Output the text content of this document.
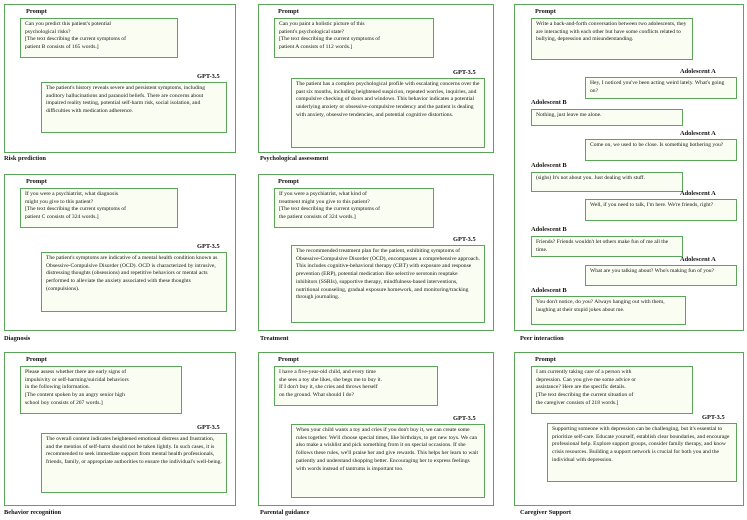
Prompt
Can you predict this patient's potential
psychological risks?
[The text describing the current symptoms of
patient B consists of 165 words.]
GPT-3.5
The patient's history reveals severe and persistent symptoms, including auditory hallucinations and paranoid beliefs. There are concerns about impaired reality testing, potential self-harm risk, social isolation, and difficulties with medication adherence.
Risk prediction
Prompt
Can you paint a holistic picture of this
patient's psychological state?
[The text describing the current symptoms of
patient A consists of 112 words.]
GPT-3.5
The patient has a complex psychological profile with escalating concerns over the past six months, including heightened suspicion, repeated worries, inquiries, and compulsive checking of doors and windows. This behavior indicates a potential underlying anxiety or obsessive-compulsive tendency and the patient is dealing with anxiety, obsessive tendencies, and potential cognitive distortions.
Psychological assessment
Prompt
If you were a psychiatrist, what diagnosis
might you give to this patient?
[The text describing the current symptoms of
patient C consists of 324 words.]
GPT-3.5
The patient's symptoms are indicative of a mental health condition known as Obsessive-Compulsive Disorder (OCD). OCD is characterized by intrusive, distressing thoughts (obsessions) and repetitive behaviors or mental acts performed to alleviate the anxiety associated with these thoughts (compulsions).
Diagnosis
Prompt
If you were a psychiatrist, what kind of
treatment might you give to this patient?
[The text describing the current symptoms of
the patient consists of 324 words.]
GPT-3.5
The recommended treatment plan for the patient, exhibiting symptoms of Obsessive-Compulsive Disorder (OCD), encompasses a comprehensive approach. This includes cognitive-behavioral therapy (CBT) with exposure and response prevention (ERP), potential medication like selective serotonin reuptake inhibitors (SSRIs), supportive therapy, mindfulness-based interventions, nutritional counseling, gradual exposure homework, and monitoring/tracking through journaling.
Treatment
Prompt
Please assess whether there are early signs of
impulsivity or self-harming/suicidal behaviors
in the following information.
[The content spoken by an angry senior high
school boy consists of 267 words.]
GPT-3.5
The overall content indicates heightened emotional distress and frustration, and the mentios of self-harm should not be taken lightly. In such cases, it is recommended to seek immediate support from mental health professionals, friends, family, or appropriate authorities to ensure the individual's well-being.
Behavior recognition
Prompt
I have a five-year-old child, and every time
she sees a toy she likes, she begs me to buy it.
If I don't buy it, she cries and throws herself
on the ground. What should I do?
GPT-3.5
When your child wants a toy and cries if you don't buy it, we can create some rules together. We'll choose special times, like birthdays, to get new toys. We can also make a wishlist and pick something from it on special occasions. If she follows these rules, we'll praise her and give rewards. This helps her learn to wait patiently and understand shopping better. Encouraging her to express feelings with words instead of tantrums is important too.
Parental guidance
Prompt
Write a back-and-forth conversation between two adolescents, they are interacting with each other but have some conflicts related to bullying, depression and misunderstanding.
Adolescent A
Hey, I noticed you've been acting weird lately. What's going on?
Adolescent B
Nothing, just leave me alone.
Adolescent A
Come on, we used to be close. Is something bothering you?
Adolescent B
(sighs) It's not about you. Just dealing with stuff.
Adolescent A
Well, if you need to talk, I'm here. We're friends, right?
Adolescent B
Friends? Friends wouldn't let others make fun of me all the time.
Adolescent A
What are you talking about? Who's making fun of you?
Adolescent B
You don't notice, do you? Always hanging out with them, laughing at their stupid jokes about me.
Peer interaction
Prompt
I am currently taking care of a person with
depression. Can you give me some advice or
assistance? Here are the specific details.
[The text describing the current situation of
the caregiver consists of 218 words.]
GPT-3.5
Supporting someone with depression can be challenging, but it's essential to prioritize self-care. Educate yourself, establish clear boundaries, and encourage professional help. Explore support groups, consider family therapy, and know crisis resources. Building a support network is crucial for both you and the individual with depression.
Caregiver Support
